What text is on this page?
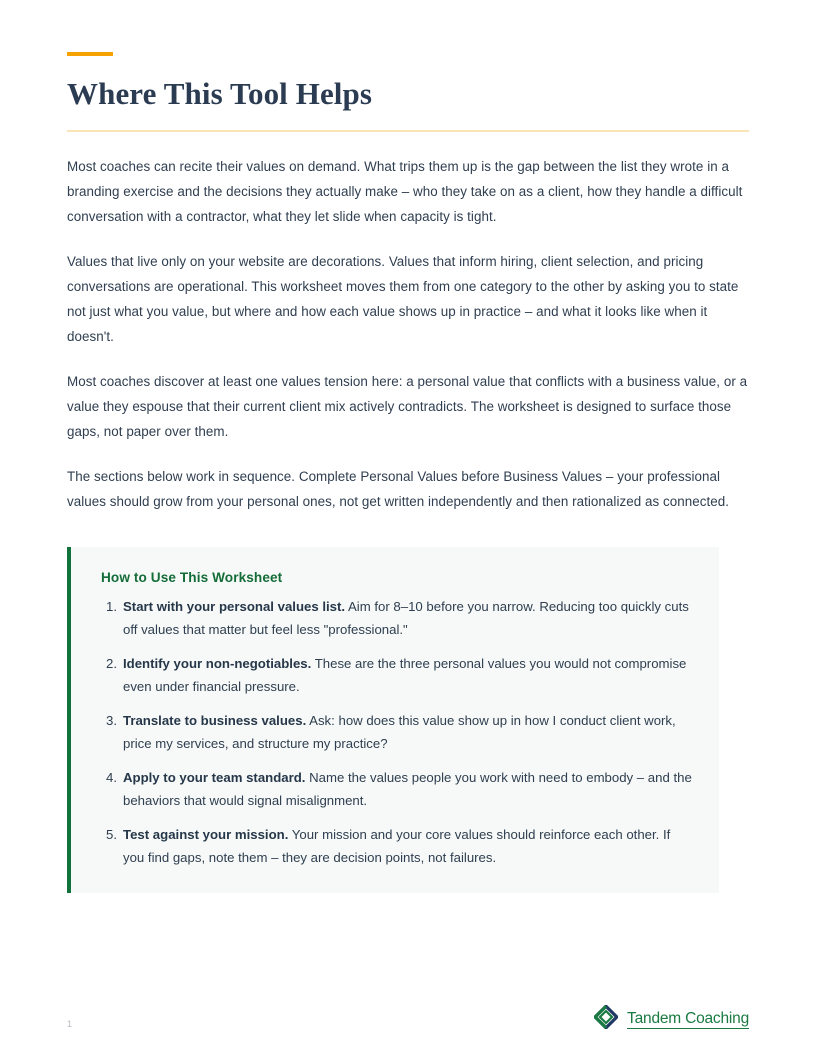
Where This Tool Helps

Most coaches can recite their values on demand. What trips them up is the gap between the list they wrote in a branding exercise and the decisions they actually make – who they take on as a client, how they handle a difficult conversation with a contractor, what they let slide when capacity is tight.

Values that live only on your website are decorations. Values that inform hiring, client selection, and pricing conversations are operational. This worksheet moves them from one category to the other by asking you to state not just what you value, but where and how each value shows up in practice – and what it looks like when it doesn't.

Most coaches discover at least one values tension here: a personal value that conflicts with a business value, or a value they espouse that their current client mix actively contradicts. The worksheet is designed to surface those gaps, not paper over them.

The sections below work in sequence. Complete Personal Values before Business Values – your professional values should grow from your personal ones, not get written independently and then rationalized as connected.

How to Use This Worksheet
Start with your personal values list. Aim for 8–10 before you narrow. Reducing too quickly cuts off values that matter but feel less "professional."
Identify your non-negotiables. These are the three personal values you would not compromise even under financial pressure.
Translate to business values. Ask: how does this value show up in how I conduct client work, price my services, and structure my practice?
Apply to your team standard. Name the values people you work with need to embody – and the behaviors that would signal misalignment.
Test against your mission. Your mission and your core values should reinforce each other. If you find gaps, note them – they are decision points, not failures.
1	Tandem Coaching
